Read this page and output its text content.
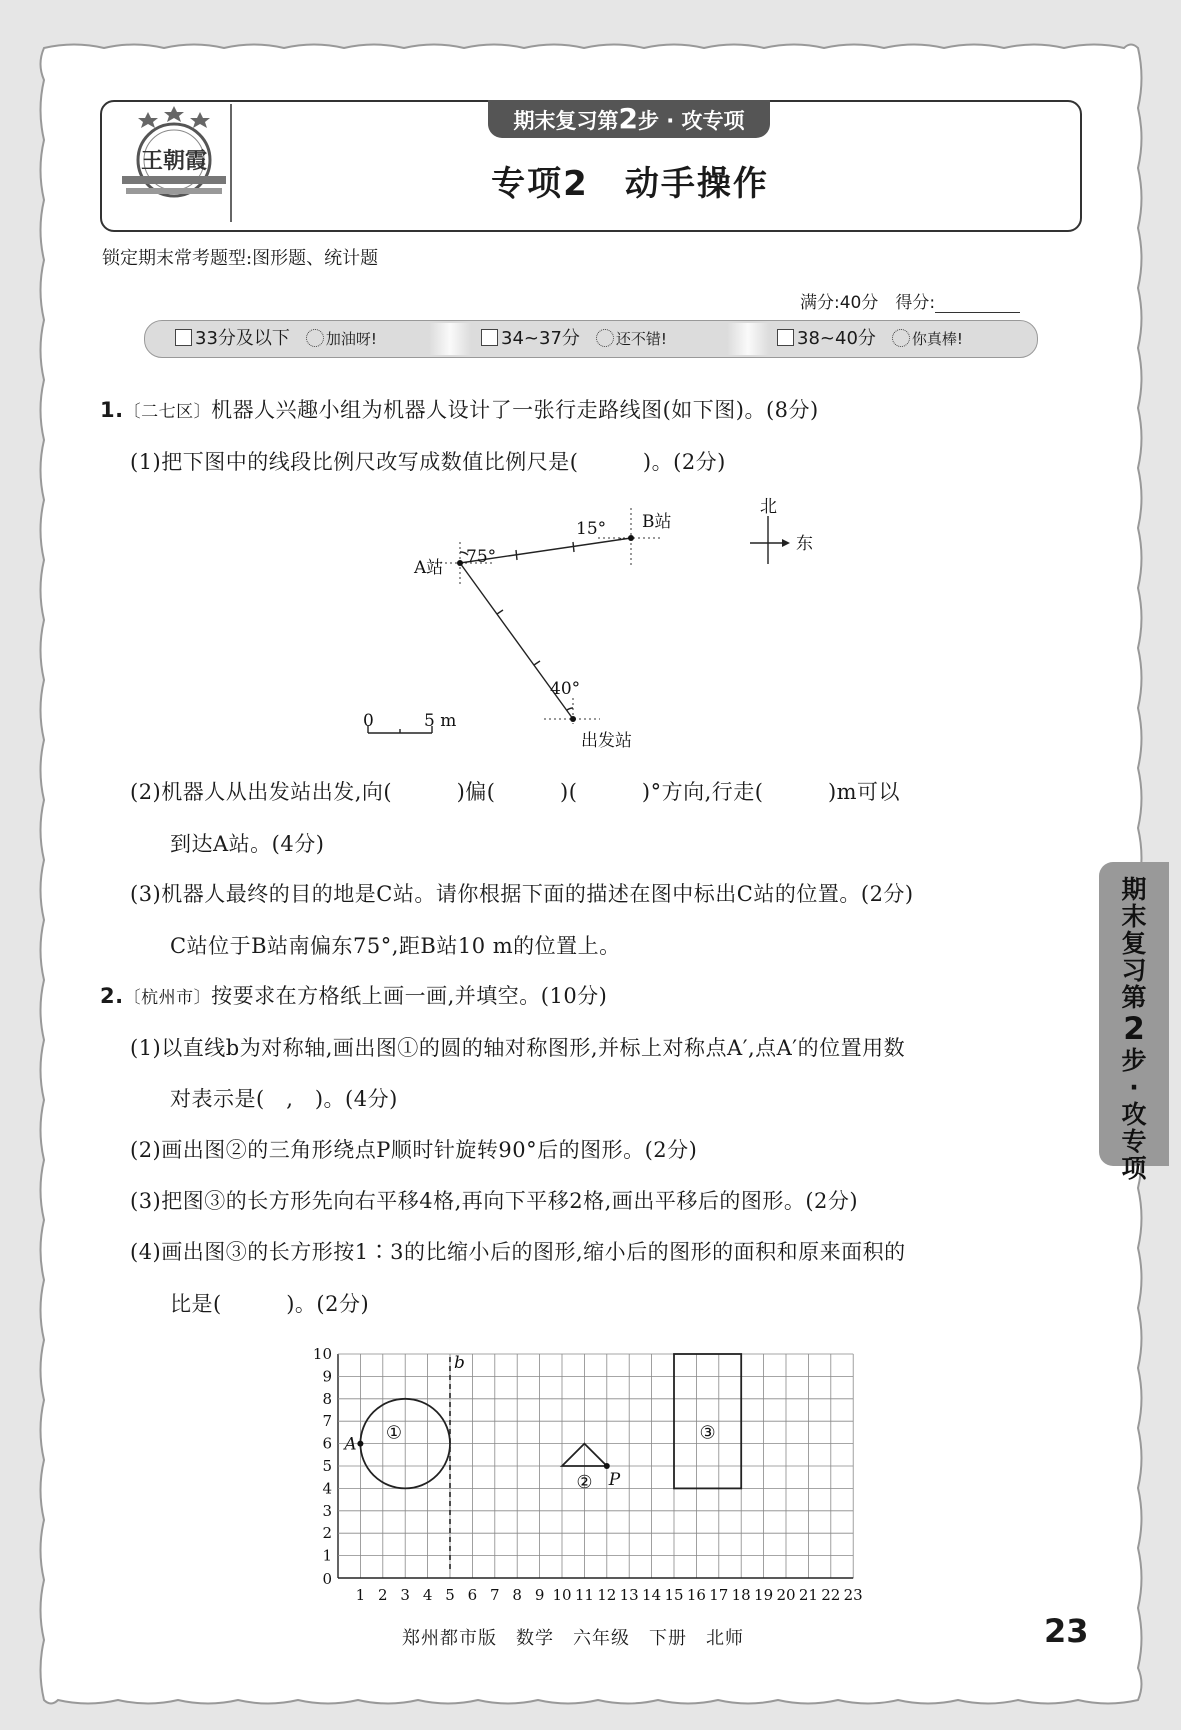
王朝霞
期末复习第2步 · 攻专项
专项2　动手操作
锁定期末常考题型:图形题、统计题
满分:40分　 得分:
33分及以下 加油呀!	34~37分 还不错!	38~40分 你真棒!
1.〔二七区〕机器人兴趣小组为机器人设计了一张行走路线图(如下图)。(8分)
(1)把下图中的线段比例尺改写成数值比例尺是(　　　)。(2分)
A站
B站
出发站
75°
15°
40°
0	5 m
北
东
(2)机器人从出发站出发,向(　　　)偏(　　　)(　　　)°方向,行走(　　　)m可以
到达A站。(4分)
(3)机器人最终的目的地是C站。请你根据下面的描述在图中标出C站的位置。(2分)
C站位于B站南偏东75°,距B站10 m的位置上。
2.〔杭州市〕按要求在方格纸上画一画,并填空。(10分)
(1)以直线b为对称轴,画出图①的圆的轴对称图形,并标上对称点A′,点A′的位置用数
对表示是(　,　)。(4分)
(2)画出图②的三角形绕点P顺时针旋转90°后的图形。(2分)
(3)把图③的长方形先向右平移4格,再向下平移2格,画出平移后的图形。(2分)
(4)画出图③的长方形按1∶3的比缩小后的图形,缩小后的图形的面积和原来面积的
比是(　　　)。(2分)
1 2 3 4 5 6 7 8 9 10 11 12 13 14 15 16 17 18 19 20 21 22 23
0
1
2
3
4
5
6
7
8
9
10	b
A
①
P
②
③
期
末
复
习
第
2
步
·
攻
专
项
郑州都市版　数学　六年级　下册　北师	23
